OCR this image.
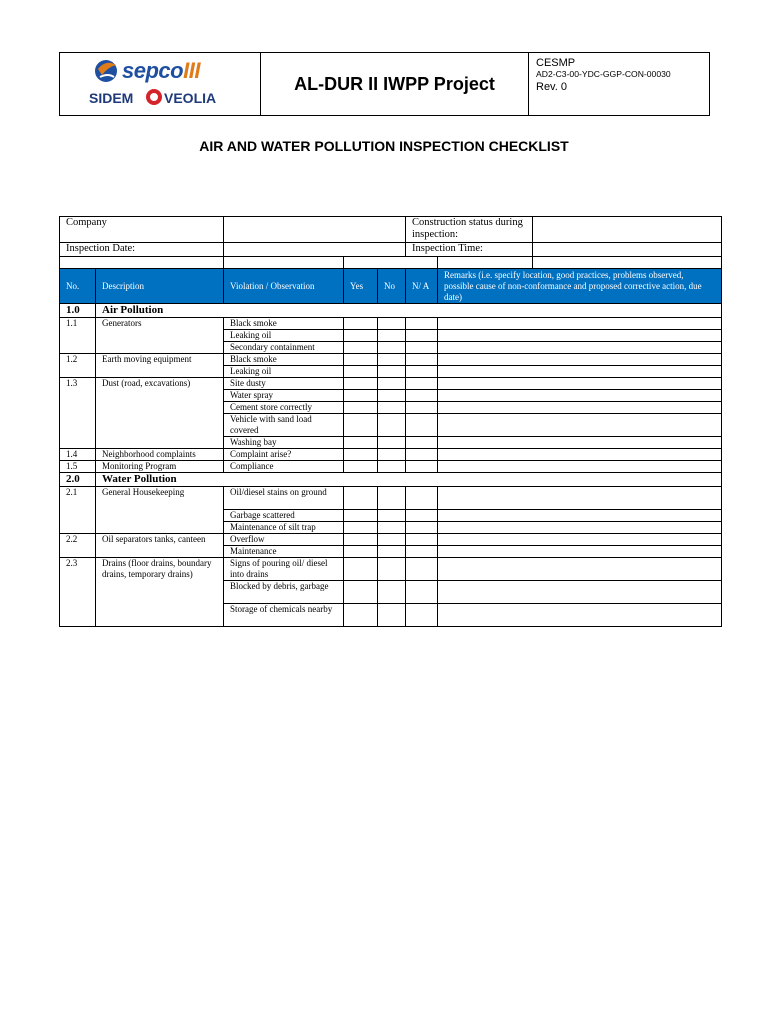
sepcoIII
SIDEM VEOLIA
AL-DUR II IWPP Project
CESMP
AD2-C3-00-YDC-GGP-CON-00030
Rev. 0
AIR AND WATER POLLUTION INSPECTION CHECKLIST
Company					Construction status during inspection:		
Inspection Date:					Inspection Time:		

No.	Description	Violation / Observation	Yes	No	N/ A	Remarks (i.e. specify location, good practices, problems observed, possible cause of non-conformance and proposed corrective action, due date)	
1.0	Air Pollution						
1.1	Generators	Black smoke					
		Leaking oil					
		Secondary containment					
1.2	Earth moving equipment	Black smoke					
		Leaking oil					
1.3	Dust (road, excavations)	Site dusty					
		Water spray					
		Cement store correctly					
		Vehicle with sand load covered					
		Washing bay					
1.4	Neighborhood complaints	Complaint arise?					
1.5	Monitoring Program	Compliance					
2.0	Water Pollution						
2.1	General Housekeeping	Oil/diesel stains on ground					
		Garbage scattered					
		Maintenance of silt trap					
2.2	Oil separators tanks, canteen	Overflow					
		Maintenance					
2.3	Drains (floor drains, boundary drains, temporary drains)	Signs of pouring oil/ diesel into drains					
		Blocked by debris, garbage					
		Storage of chemicals nearby					
